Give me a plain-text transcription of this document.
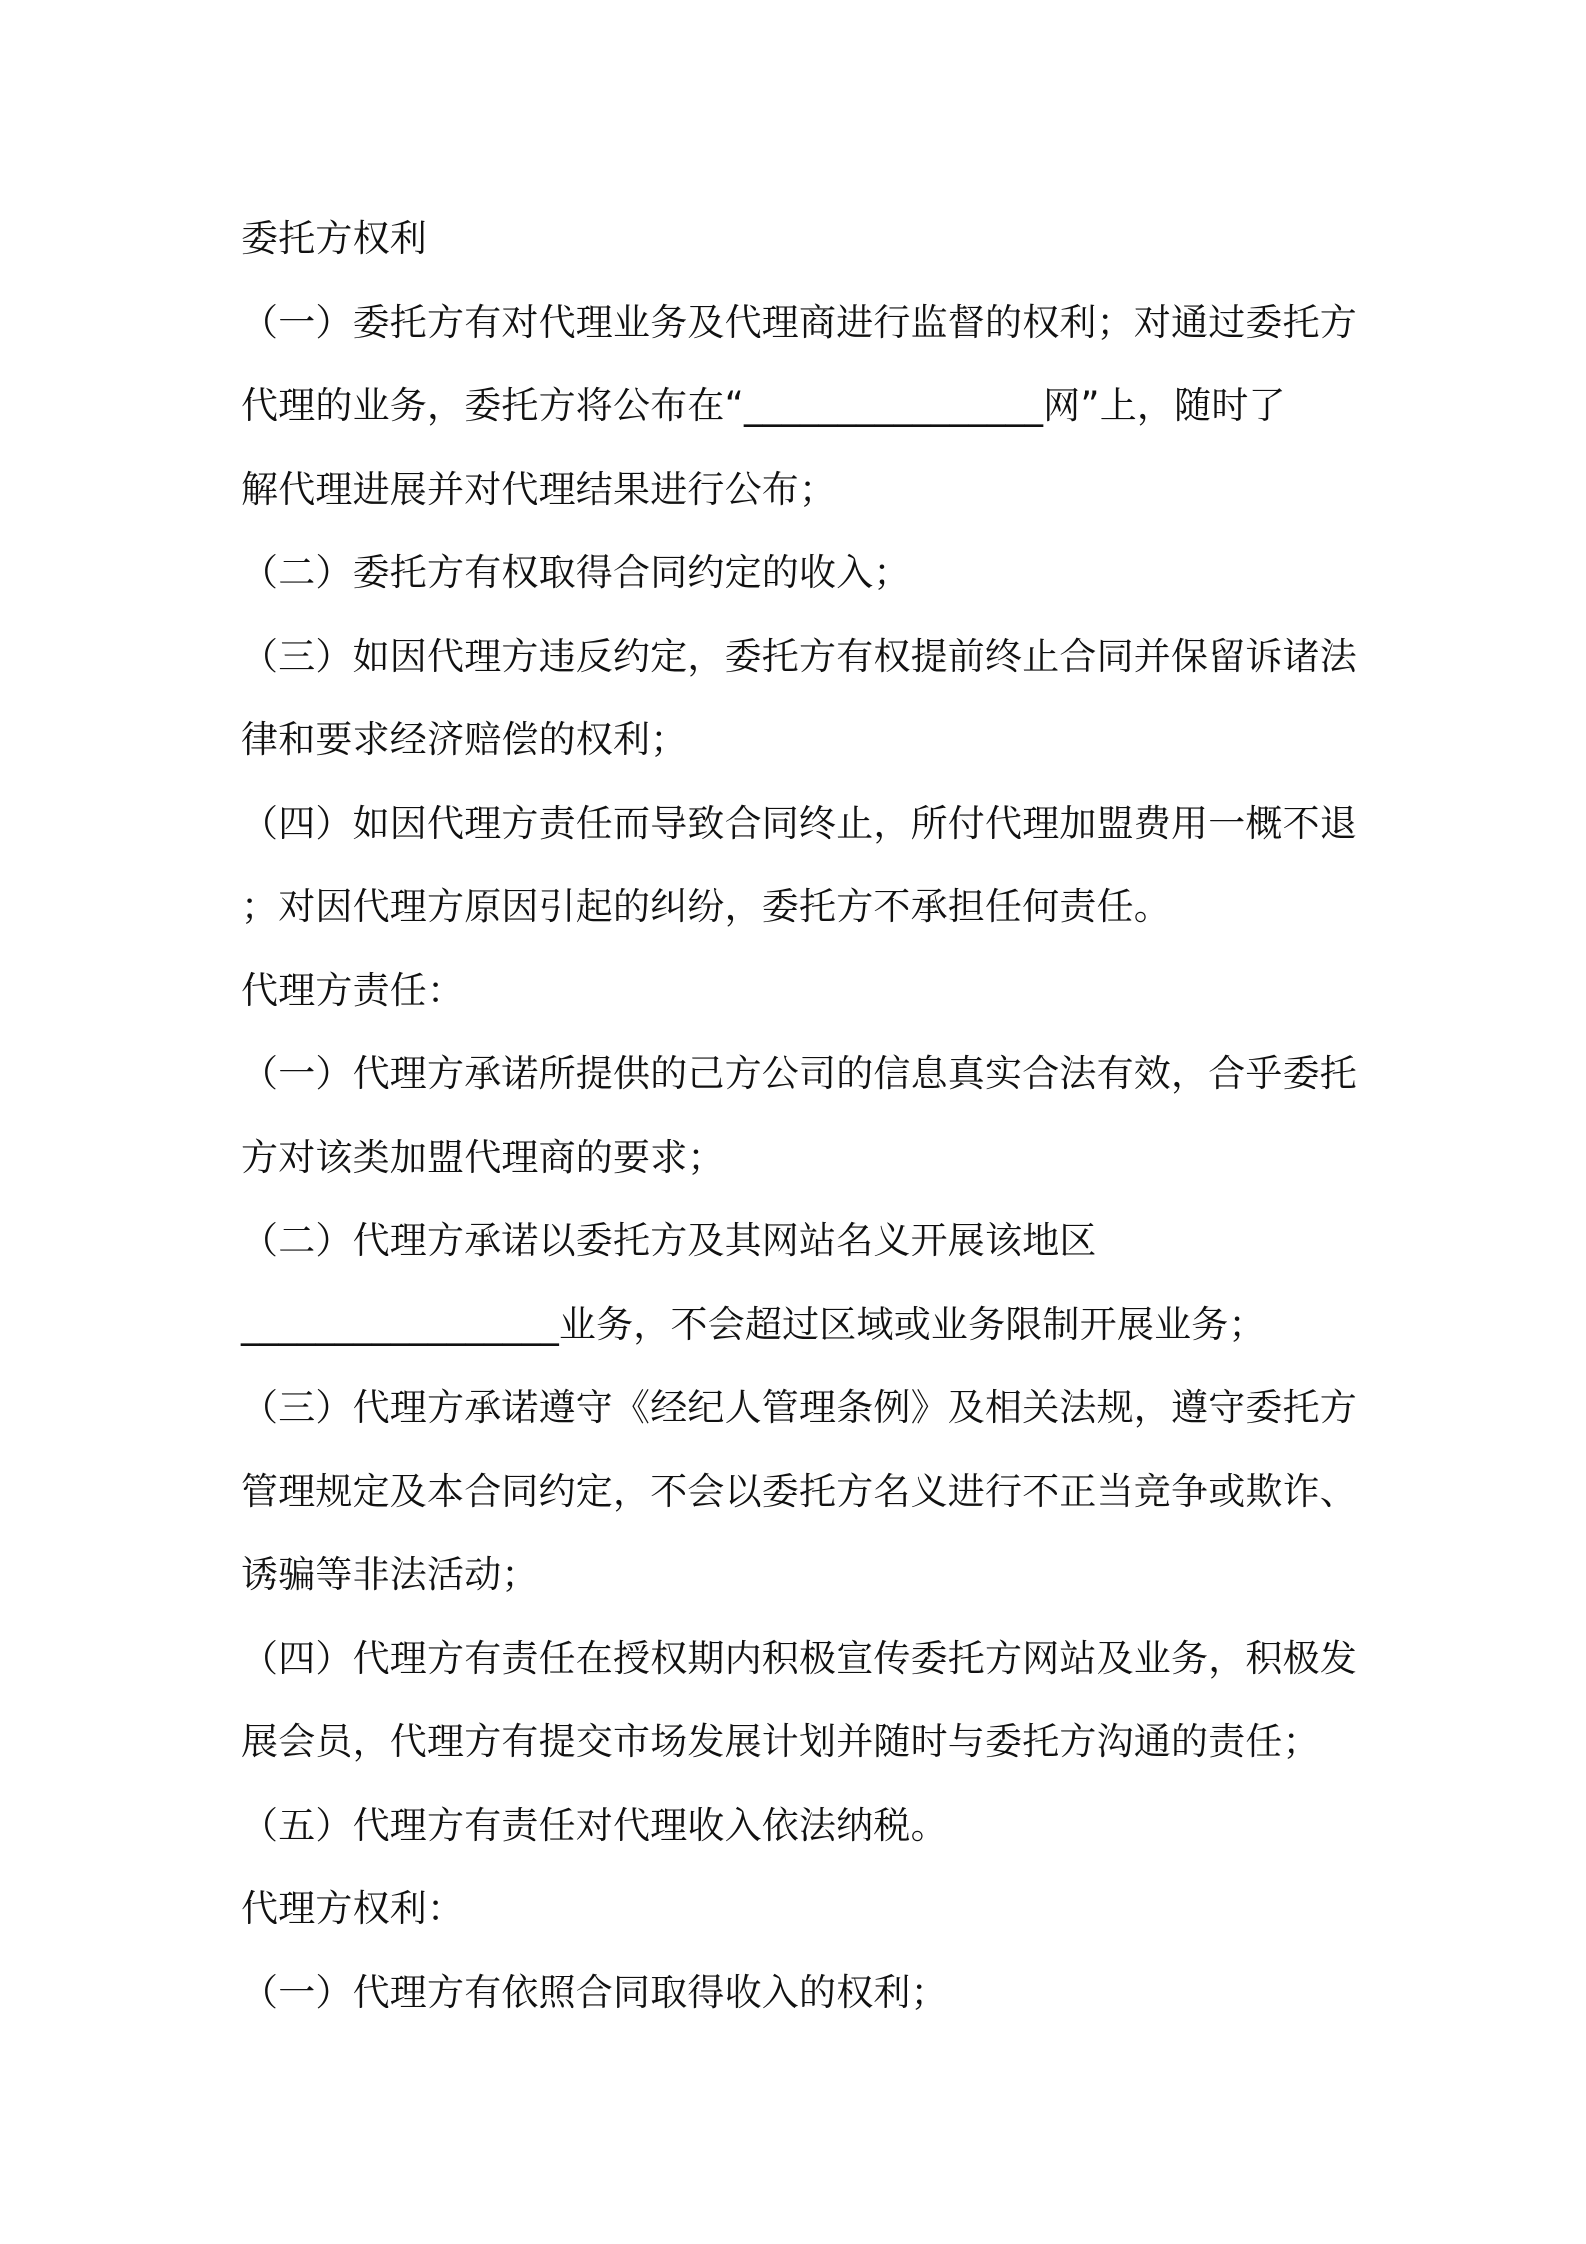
委托方权利
（一）委托方有对代理业务及代理商进行监督的权利；对通过委托方
代理的业务，委托方将公布在“________________网”上，随时了
解代理进展并对代理结果进行公布；
（二）委托方有权取得合同约定的收入；
（三）如因代理方违反约定，委托方有权提前终止合同并保留诉诸法
律和要求经济赔偿的权利；
（四）如因代理方责任而导致合同终止，所付代理加盟费用一概不退
；对因代理方原因引起的纠纷，委托方不承担任何责任。
代理方责任：
（一）代理方承诺所提供的己方公司的信息真实合法有效，合乎委托
方对该类加盟代理商的要求；
（二）代理方承诺以委托方及其网站名义开展该地区
_________________业务，不会超过区域或业务限制开展业务；
（三）代理方承诺遵守《经纪人管理条例》及相关法规，遵守委托方
管理规定及本合同约定，不会以委托方名义进行不正当竞争或欺诈、
诱骗等非法活动；
（四）代理方有责任在授权期内积极宣传委托方网站及业务，积极发
展会员，代理方有提交市场发展计划并随时与委托方沟通的责任；
（五）代理方有责任对代理收入依法纳税。
代理方权利：
（一）代理方有依照合同取得收入的权利；
